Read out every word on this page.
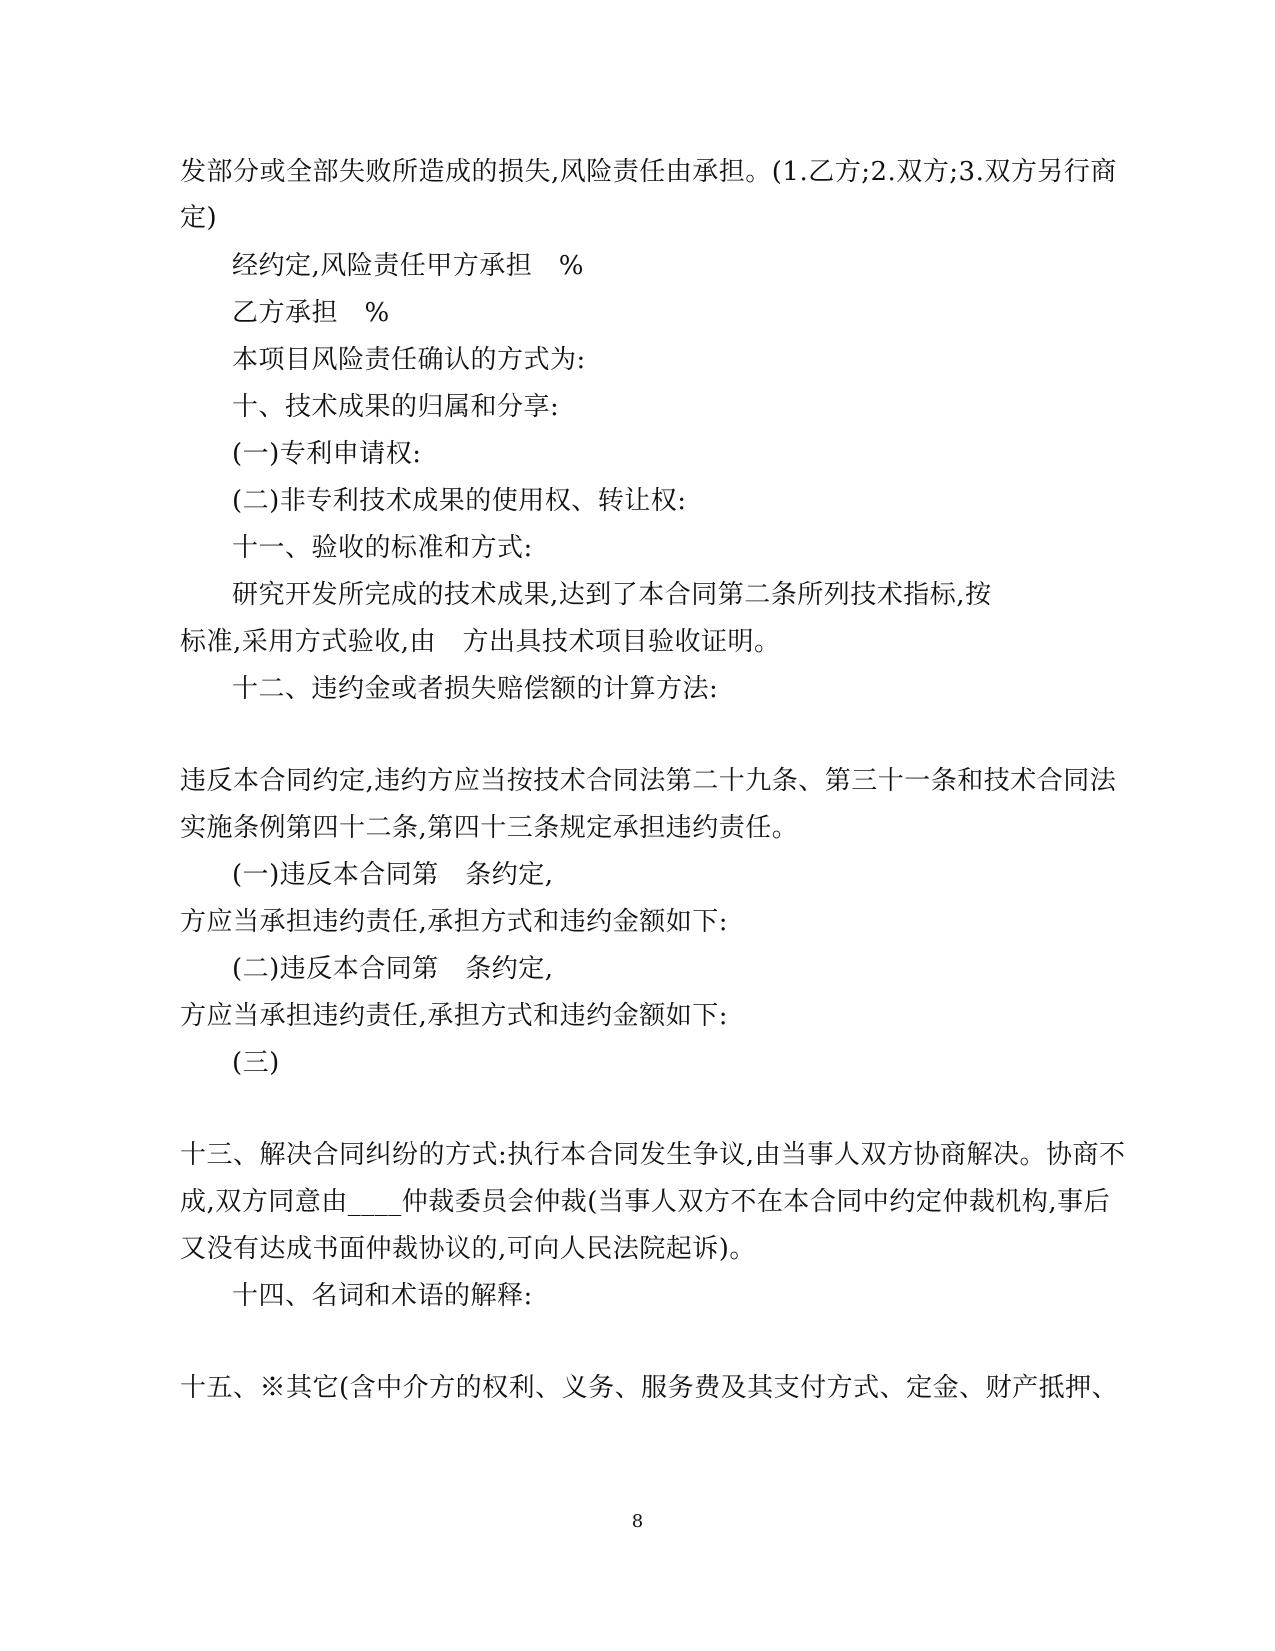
发部分或全部失败所造成的损失,风险责任由承担。(1.乙方;2.双方;3.双方另行商
定)
经约定,风险责任甲方承担　%
乙方承担　%
本项目风险责任确认的方式为:
十、技术成果的归属和分享:
(一)专利申请权:
(二)非专利技术成果的使用权、转让权:
十一、验收的标准和方式:
研究开发所完成的技术成果,达到了本合同第二条所列技术指标,按
标准,采用方式验收,由　方出具技术项目验收证明。
十二、违约金或者损失赔偿额的计算方法:
违反本合同约定,违约方应当按技术合同法第二十九条、第三十一条和技术合同法
实施条例第四十二条,第四十三条规定承担违约责任。
(一)违反本合同第　条约定,
方应当承担违约责任,承担方式和违约金额如下:
(二)违反本合同第　条约定,
方应当承担违约责任,承担方式和违约金额如下:
(三)
十三、解决合同纠纷的方式:执行本合同发生争议,由当事人双方协商解决。协商不
成,双方同意由____仲裁委员会仲裁(当事人双方不在本合同中约定仲裁机构,事后
又没有达成书面仲裁协议的,可向人民法院起诉)。
十四、名词和术语的解释:
十五、※其它(含中介方的权利、义务、服务费及其支付方式、定金、财产抵押、
8
